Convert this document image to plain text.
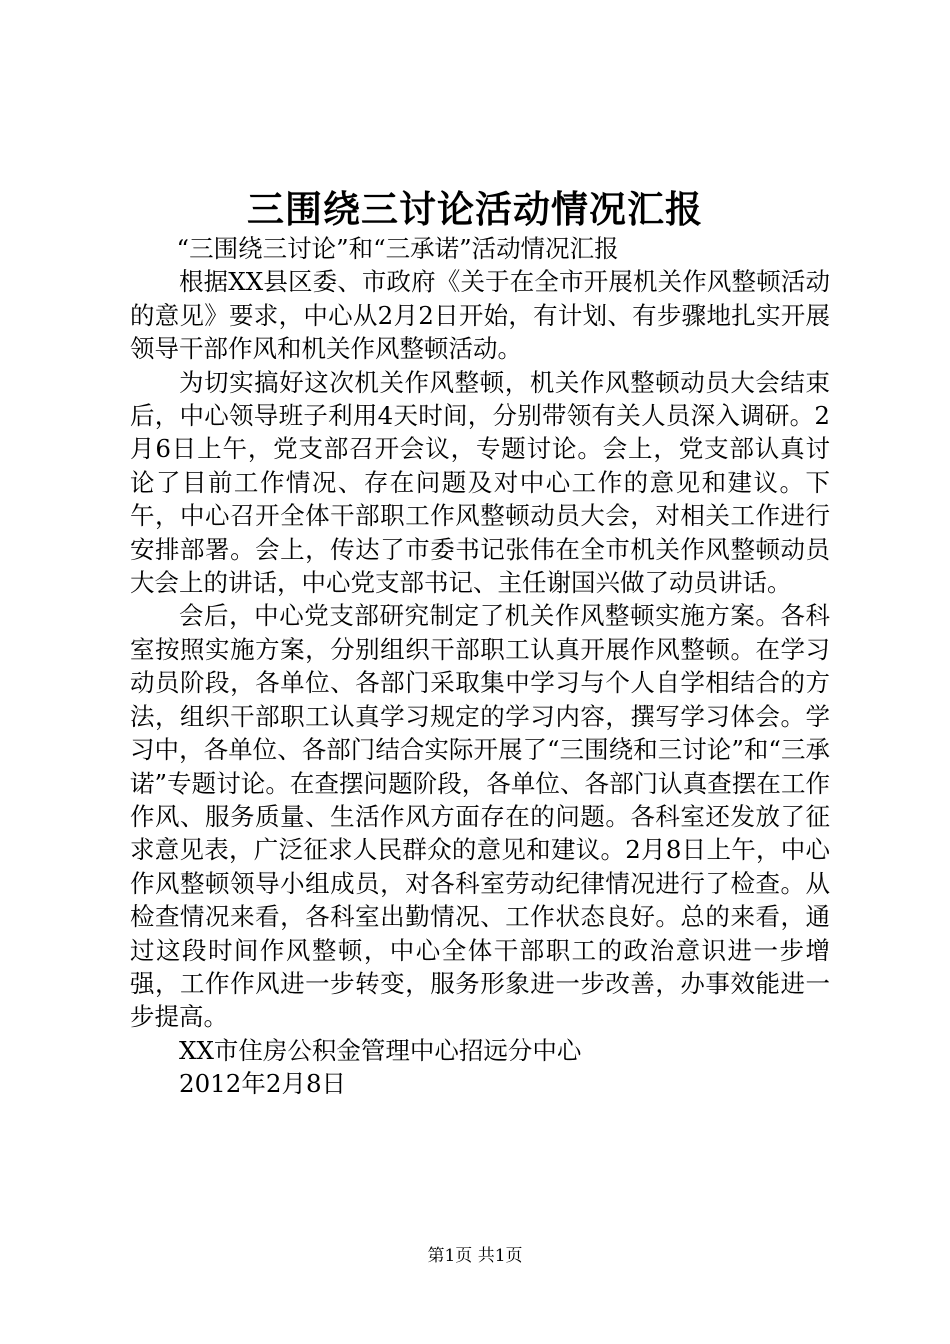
三围绕三讨论活动情况汇报

“三围绕三讨论”和“三承诺”活动情况汇报

根据XX县区委、市政府《关于在全市开展机关作风整顿活动的意见》要求，中心从2月2日开始，有计划、有步骤地扎实开展领导干部作风和机关作风整顿活动。

为切实搞好这次机关作风整顿，机关作风整顿动员大会结束后，中心领导班子利用4天时间，分别带领有关人员深入调研。2月6日上午，党支部召开会议，专题讨论。会上，党支部认真讨论了目前工作情况、存在问题及对中心工作的意见和建议。下午，中心召开全体干部职工作风整顿动员大会，对相关工作进行安排部署。会上，传达了市委书记张伟在全市机关作风整顿动员大会上的讲话，中心党支部书记、主任谢国兴做了动员讲话。

会后，中心党支部研究制定了机关作风整顿实施方案。各科室按照实施方案，分别组织干部职工认真开展作风整顿。在学习动员阶段，各单位、各部门采取集中学习与个人自学相结合的方法，组织干部职工认真学习规定的学习内容，撰写学习体会。学习中，各单位、各部门结合实际开展了“三围绕和三讨论”和“三承诺”专题讨论。在查摆问题阶段，各单位、各部门认真查摆在工作作风、服务质量、生活作风方面存在的问题。各科室还发放了征求意见表，广泛征求人民群众的意见和建议。2月8日上午，中心作风整顿领导小组成员，对各科室劳动纪律情况进行了检查。从检查情况来看，各科室出勤情况、工作状态良好。总的来看，通过这段时间作风整顿，中心全体干部职工的政治意识进一步增强，工作作风进一步转变，服务形象进一步改善，办事效能进一步提高。

XX市住房公积金管理中心招远分中心

2012年2月8日

第1页 共1页
